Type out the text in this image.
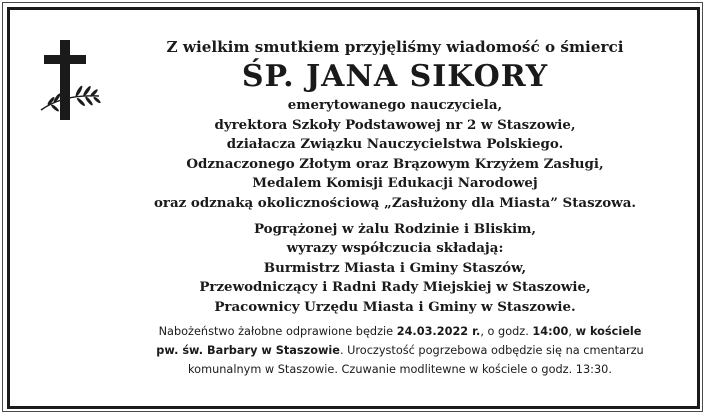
Z wielkim smutkiem przyjęliśmy wiadomość o śmierci
ŚP. JANA SIKORY
emerytowanego nauczyciela,
dyrektora Szkoły Podstawowej nr 2 w Staszowie,
działacza Związku Nauczycielstwa Polskiego.
Odznaczonego Złotym oraz Brązowym Krzyżem Zasługi,
Medalem Komisji Edukacji Narodowej
oraz odznaką okolicznościową „Zasłużony dla Miasta” Staszowa.
Pogrążonej w żalu Rodzinie i Bliskim,
wyrazy współczucia składają:
Burmistrz Miasta i Gminy Staszów,
Przewodniczący i Radni Rady Miejskiej w Staszowie,
Pracownicy Urzędu Miasta i Gminy w Staszowie.
Nabożeństwo żałobne odprawione będzie 24.03.2022 r., o godz. 14:00, w kościele
pw. św. Barbary w Staszowie. Uroczystość pogrzebowa odbędzie się na cmentarzu
komunalnym w Staszowie. Czuwanie modlitewne w kościele o godz. 13:30.
